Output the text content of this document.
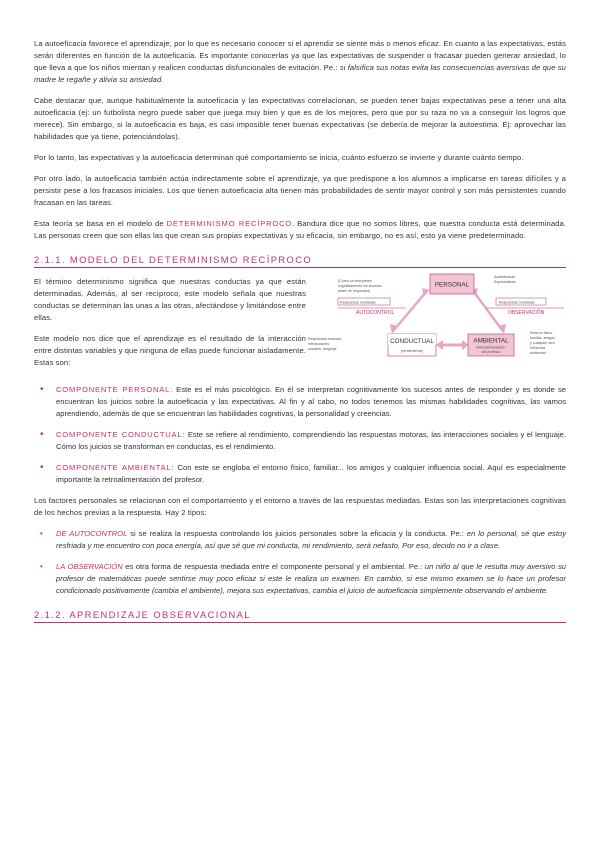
La autoeficacia favorece el aprendizaje, por lo que es necesario conocer si el aprendiz se siente más o menos eficaz. En cuanto a las expectativas, estás serán diferentes en función de la autoeficacia. Es importante conocerlas ya que las expectativas de suspender o fracasar pueden generar ansiedad, lo que lleva a que los niños mientan y realicen conductas disfuncionales de evitación. Pe.: si falsifica sus notas evita las consecuencias aversivas de que su madre le regañe y alivia su ansiedad.

Cabe destacar que, aunque habitualmente la autoeficacia y las expectativas correlacionan, se pueden tener bajas expectativas pese a tener una alta autoeficacia (ej: un futbolista negro puede saber que juega muy bien y que es de los mejores, pero que por su raza no va a conseguir los logros que merece). Sin embargo, si la autoeficacia es baja, es casi imposible tener buenas expectativas (se debería de mejorar la autoestima. Ej: aprovechar las habilidades que ya tiene, potenciándolas).

Por lo tanto, las expectativas y la autoeficacia determinan qué comportamiento se inicia, cuánto esfuerzo se invierte y durante cuánto tiempo.

Por otro lado, la autoeficacia también actúa indirectamente sobre el aprendizaje, ya que predispone a los alumnos a implicarse en tareas difíciles y a persistir pese a los fracasos iniciales. Los que tienen autoeficacia alta tienen más probabilidades de sentir mayor control y son más persistentes cuando fracasan en las tareas.

Esta teoría se basa en el modelo de DETERMINISMO RECÍPROCO. Bandura dice que no somos libres, que nuestra conducta está determinada. Las personas creen que son ellas las que crean sus propias expectativas y su eficacia, sin embargo, no es así, esto ya viene predeterminado.

2.1.1. MODELO DEL DETERMINISMO RECÍPROCO

El término determinismo significa que nuestras conductas ya que están determinadas. Además, al ser recíproco, este modelo señala que nuestras conductas se determinan las unas a las otras, afectándose y limitándose entre ellas.

Este modelo nos dice que el aprendizaje es el resultado de la interacción entre distintas variables y que ninguna de ellas puede funcionar aisladamente. Estas son:

PERSONAL
Autoeficacia
Expectativas
(Cómo se interpretan
cognitivamente los sucesos
antes de responder)
Respuestas mediadas
AUTOCONTROL
Respuestas mediadas
OBSERVACIÓN
CONDUCTUAL
(rendimiento)
Respuestas motoras,
interacciones
sociales, lenguaje
AMBIENTAL
Retroalimentación
del profesor
Entorno físico,
familiar, amigos
y cualquier otra
influencia
ambiental
• COMPONENTE PERSONAL: Este es el más psicológico. En él se interpretan cognitivamente los sucesos antes de responder y es donde se encuentran los juicios sobre la autoeficacia y las expectativas. Al fin y al cabo, no todos tenemos las mismas habilidades cognitivas, las vamos aprendiendo, además de que se encuentran las habilidades cognitivas, la personalidad y creencias.
• COMPONENTE CONDUCTUAL: Este se refiere al rendimiento, comprendiendo las respuestas motoras, las interacciones sociales y el lenguaje. Cómo los juicios se transforman en conductas, es el rendimiento.
• COMPONENTE AMBIENTAL: Con este se engloba el entorno físico, familiar... los amigos y cualquier influencia social. Aquí es especialmente importante la retroalimentación del profesor.

Los factores personales se relacionan con el comportamiento y el entorno a través de las respuestas mediadas. Estas son las interpretaciones cognitivas de los hechos previas a la respuesta. Hay 2 tipos:

• DE AUTOCONTROL si se realiza la respuesta controlando los juicios personales sobre la eficacia y la conducta. Pe.: en lo personal, sé que estoy resfriada y me encuentro con poca energía, así que sé que mi conducta, mi rendimiento, será nefasto. Por eso, decido no ir a clase.
• LA OBSERVACIÓN es otra forma de respuesta mediada entre el componente personal y el ambiental. Pe.: un niño al que le resulta muy aversivo su profesor de matemáticas puede sentirse muy poco eficaz si este le realiza un examen. En cambio, si ese mismo examen se lo hace un profesor condicionado positivamente (cambia el ambiente), mejora sus expectativas, cambia el juicio de autoeficacia simplemente observando el ambiente.
2.1.2. APRENDIZAJE OBSERVACIONAL
